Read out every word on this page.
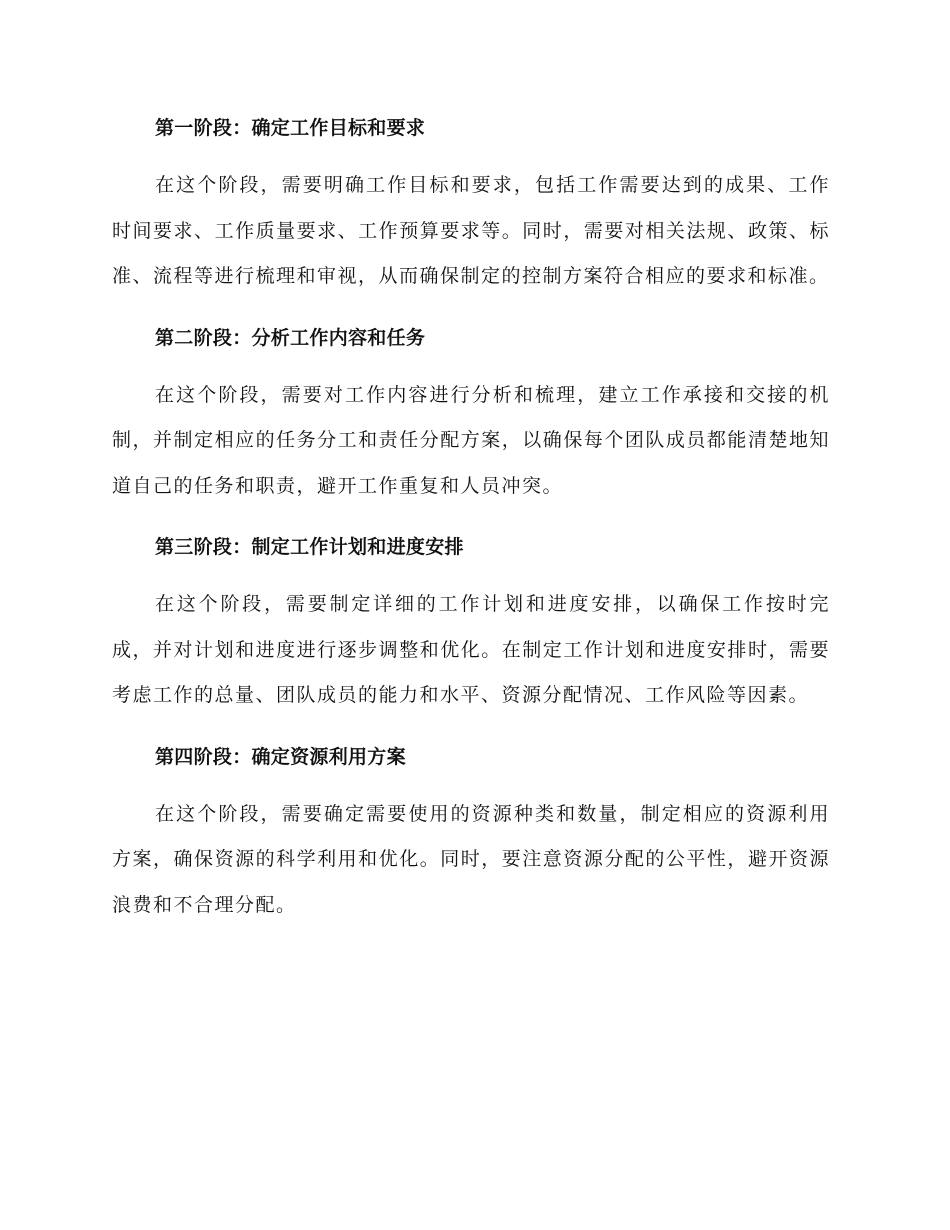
第一阶段：确定工作目标和要求

在这个阶段，需要明确工作目标和要求，包括工作需要达到的成果、工作时间要求、工作质量要求、工作预算要求等。同时，需要对相关法规、政策、标准、流程等进行梳理和审视，从而确保制定的控制方案符合相应的要求和标准。

第二阶段：分析工作内容和任务

在这个阶段，需要对工作内容进行分析和梳理，建立工作承接和交接的机制，并制定相应的任务分工和责任分配方案，以确保每个团队成员都能清楚地知道自己的任务和职责，避开工作重复和人员冲突。

第三阶段：制定工作计划和进度安排

在这个阶段，需要制定详细的工作计划和进度安排，以确保工作按时完成，并对计划和进度进行逐步调整和优化。在制定工作计划和进度安排时，需要考虑工作的总量、团队成员的能力和水平、资源分配情况、工作风险等因素。

第四阶段：确定资源利用方案

在这个阶段，需要确定需要使用的资源种类和数量，制定相应的资源利用方案，确保资源的科学利用和优化。同时，要注意资源分配的公平性，避开资源浪费和不合理分配。
